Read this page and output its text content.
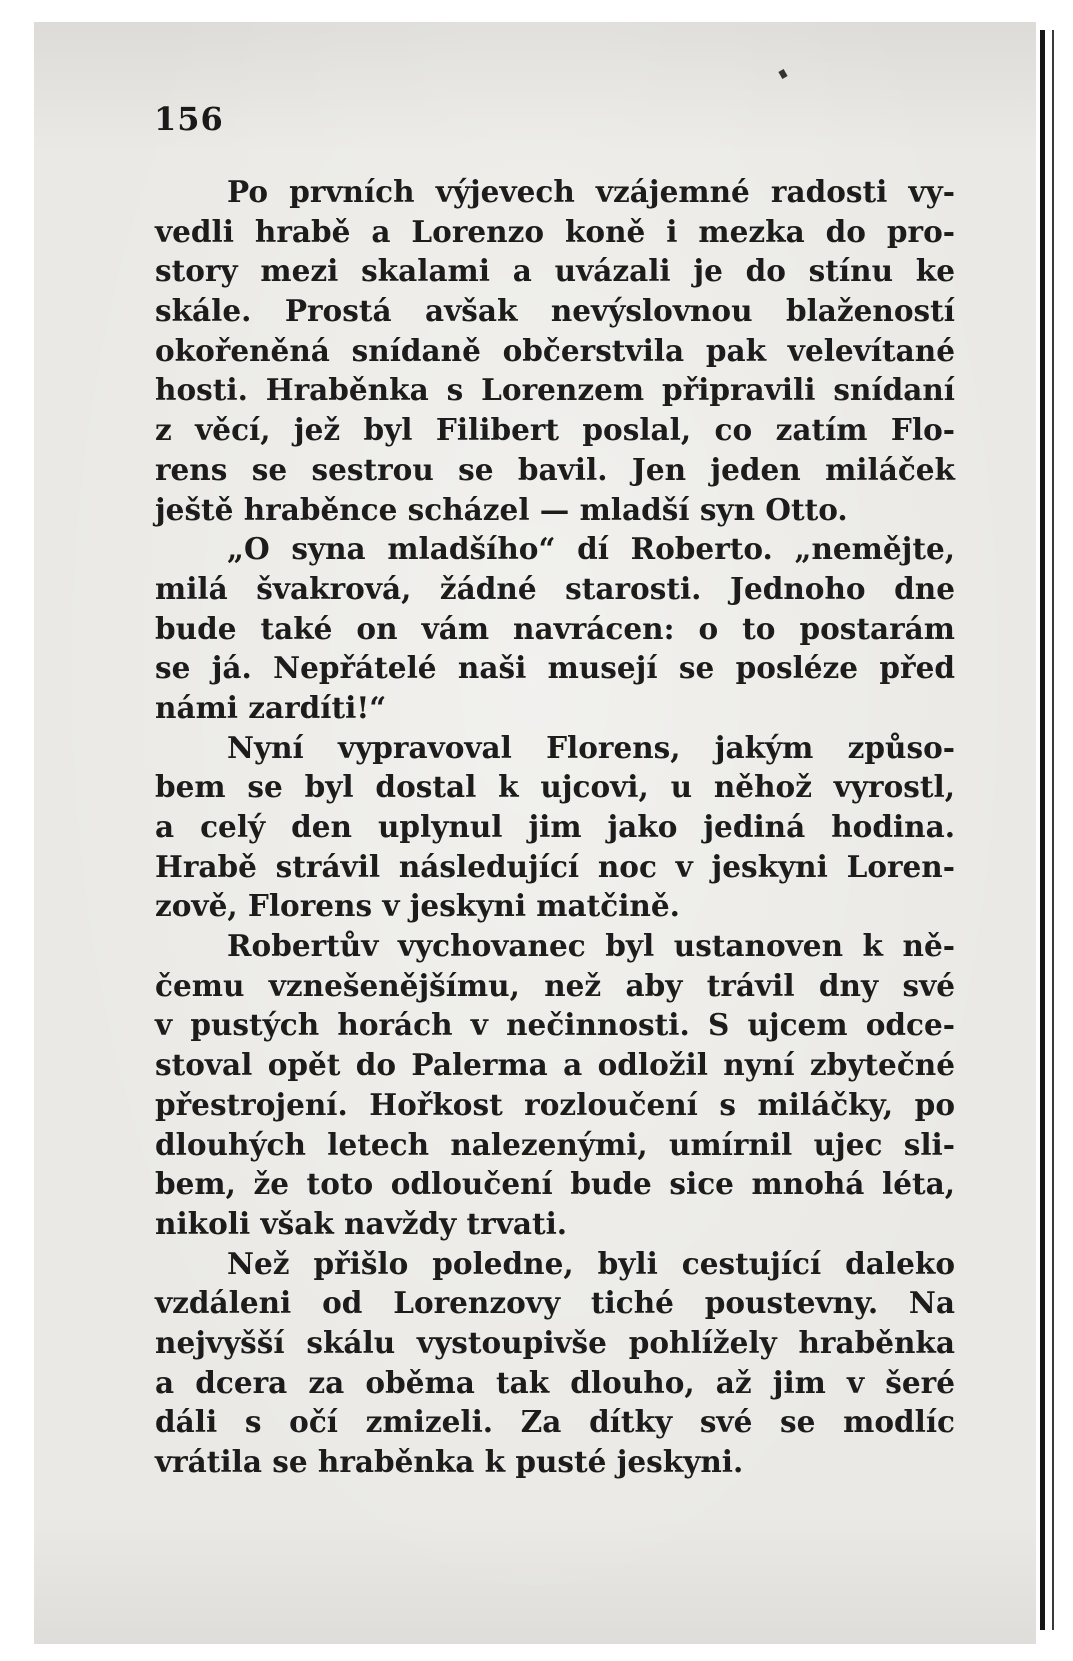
156
Po prvních výjevech vzájemné radosti vy-
vedli hrabě a Lorenzo koně i mezka do pro-
story mezi skalami a uvázali je do stínu ke
skále. Prostá avšak nevýslovnou blažeností
okořeněná snídaně občerstvila pak velevítané
hosti. Hraběnka s Lorenzem připravili snídaní
z věcí, jež byl Filibert poslal, co zatím Flo-
rens se sestrou se bavil. Jen jeden miláček
ještě hraběnce scházel — mladší syn Otto.
„O syna mladšího“ dí Roberto. „nemějte,
milá švakrová, žádné starosti. Jednoho dne
bude také on vám navrácen: o to postarám
se já. Nepřátelé naši musejí se posléze před
námi zardíti!“
Nyní vypravoval Florens, jakým způso-
bem se byl dostal k ujcovi, u něhož vyrostl,
a celý den uplynul jim jako jediná hodina.
Hrabě strávil následující noc v jeskyni Loren-
zově, Florens v jeskyni matčině.
Robertův vychovanec byl ustanoven k ně-
čemu vznešenějšímu, než aby trávil dny své
v pustých horách v nečinnosti. S ujcem odce-
stoval opět do Palerma a odložil nyní zbytečné
přestrojení. Hořkost rozloučení s miláčky, po
dlouhých letech nalezenými, umírnil ujec sli-
bem, že toto odloučení bude sice mnohá léta,
nikoli však navždy trvati.
Než přišlo poledne, byli cestující daleko
vzdáleni od Lorenzovy tiché poustevny. Na
nejvyšší skálu vystoupivše pohlížely hraběnka
a dcera za oběma tak dlouho, až jim v šeré
dáli s očí zmizeli. Za dítky své se modlíc
vrátila se hraběnka k pusté jeskyni.
